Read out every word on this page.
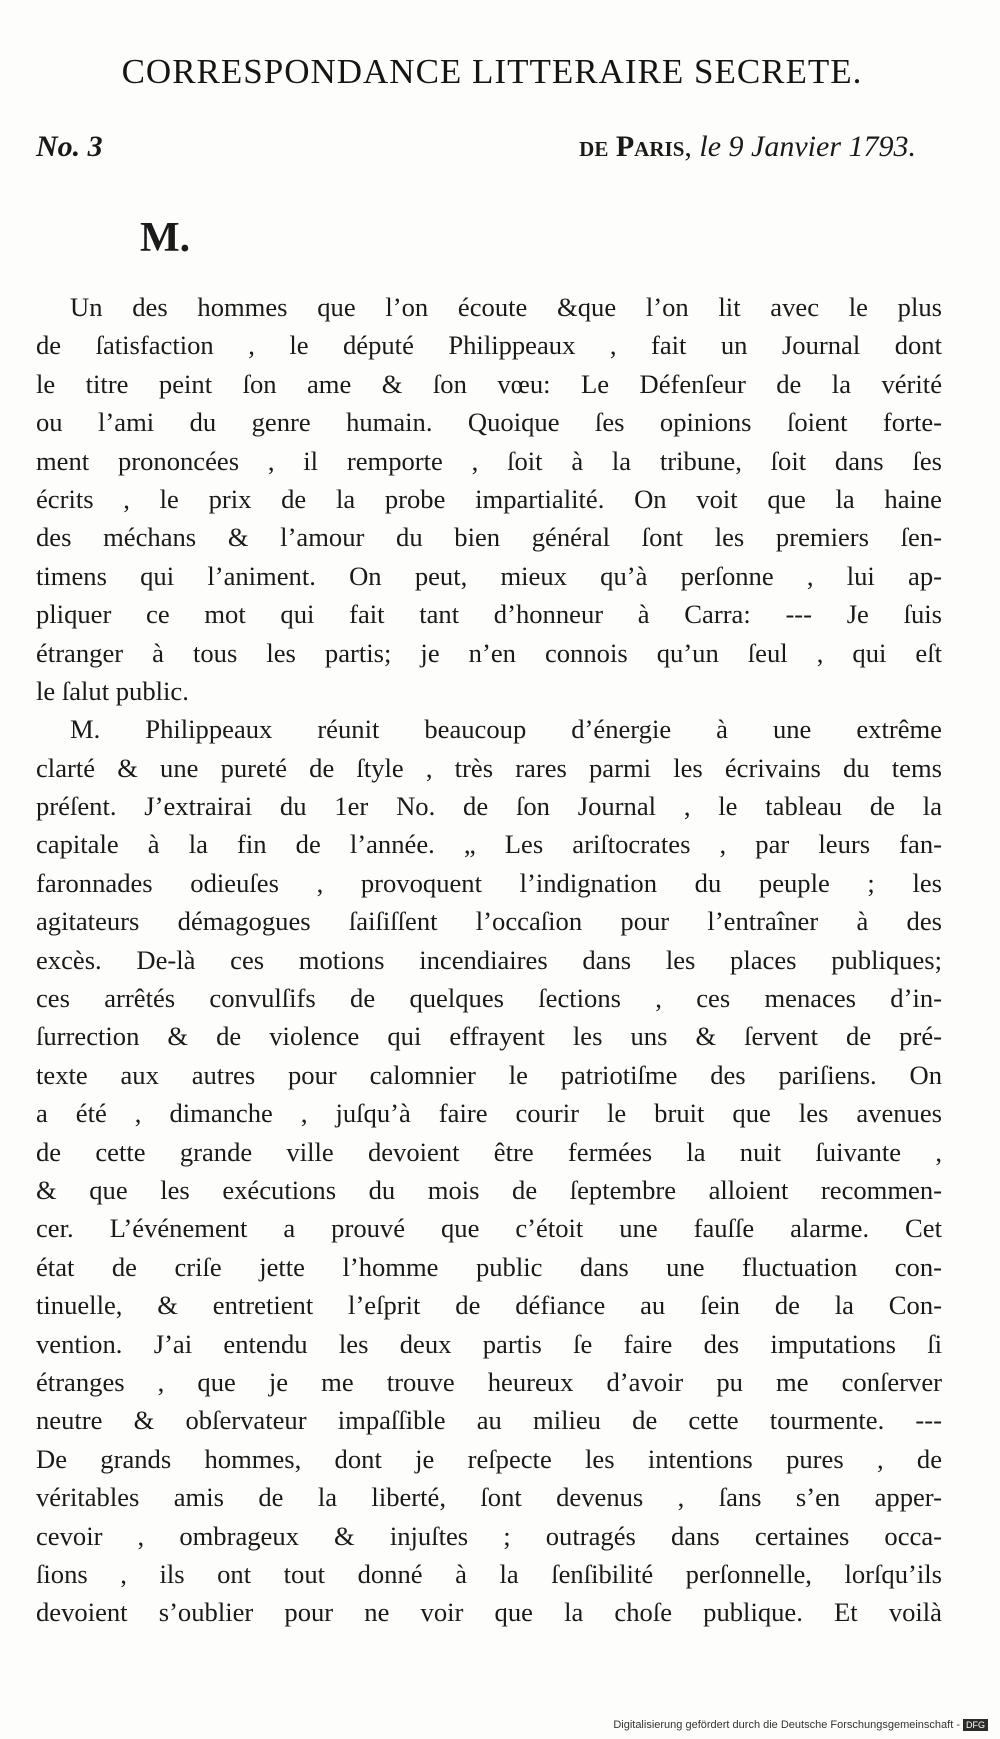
CORRESPONDANCE LITTERAIRE SECRETE.
No. 3	de Paris, le 9 Janvier 1793.
M.
Un des hommes que l’on écoute &que l’on lit avec le plus
de ſatisfaction , le député Philippeaux , fait un Journal dont
le titre peint ſon ame & ſon vœu: Le Défenſeur de la vérité
ou l’ami du genre humain. Quoique ſes opinions ſoient forte-
ment prononcées , il remporte , ſoit à la tribune, ſoit dans ſes
écrits , le prix de la probe impartialité. On voit que la haine
des méchans & l’amour du bien général ſont les premiers ſen-
timens qui l’animent. On peut, mieux qu’à perſonne , lui ap-
pliquer ce mot qui fait tant d’honneur à Carra: --- Je ſuis
étranger à tous les partis; je n’en connois qu’un ſeul , qui eſt
le ſalut public.
M. Philippeaux réunit beaucoup d’énergie à une extrême
clarté & une pureté de ſtyle , très rares parmi les écrivains du tems
préſent. J’extrairai du 1er No. de ſon Journal , le tableau de la
capitale à la fin de l’année. „ Les ariſtocrates , par leurs fan-
faronnades odieuſes , provoquent l’indignation du peuple ; les
agitateurs démagogues ſaiſiſſent l’occaſion pour l’entraîner à des
excès. De-là ces motions incendiaires dans les places publiques;
ces arrêtés convulſifs de quelques ſections , ces menaces d’in-
ſurrection & de violence qui effrayent les uns & ſervent de pré-
texte aux autres pour calomnier le patriotiſme des pariſiens. On
a été , dimanche , juſqu’à faire courir le bruit que les avenues
de cette grande ville devoient être fermées la nuit ſuivante ,
& que les exécutions du mois de ſeptembre alloient recommen-
cer. L’événement a prouvé que c’étoit une fauſſe alarme. Cet
état de criſe jette l’homme public dans une fluctuation con-
tinuelle, & entretient l’eſprit de défiance au ſein de la Con-
vention. J’ai entendu les deux partis ſe faire des imputations ſi
étranges , que je me trouve heureux d’avoir pu me conſerver
neutre & obſervateur impaſſible au milieu de cette tourmente. ---
De grands hommes, dont je reſpecte les intentions pures , de
véritables amis de la liberté, ſont devenus , ſans s’en apper-
cevoir , ombrageux & injuſtes ; outragés dans certaines occa-
ſions , ils ont tout donné à la ſenſibilité perſonnelle, lorſqu’ils
devoient s’oublier pour ne voir que la choſe publique. Et voilà
Digitalisierung gefördert durch die Deutsche Forschungsgemeinschaft - DFG
